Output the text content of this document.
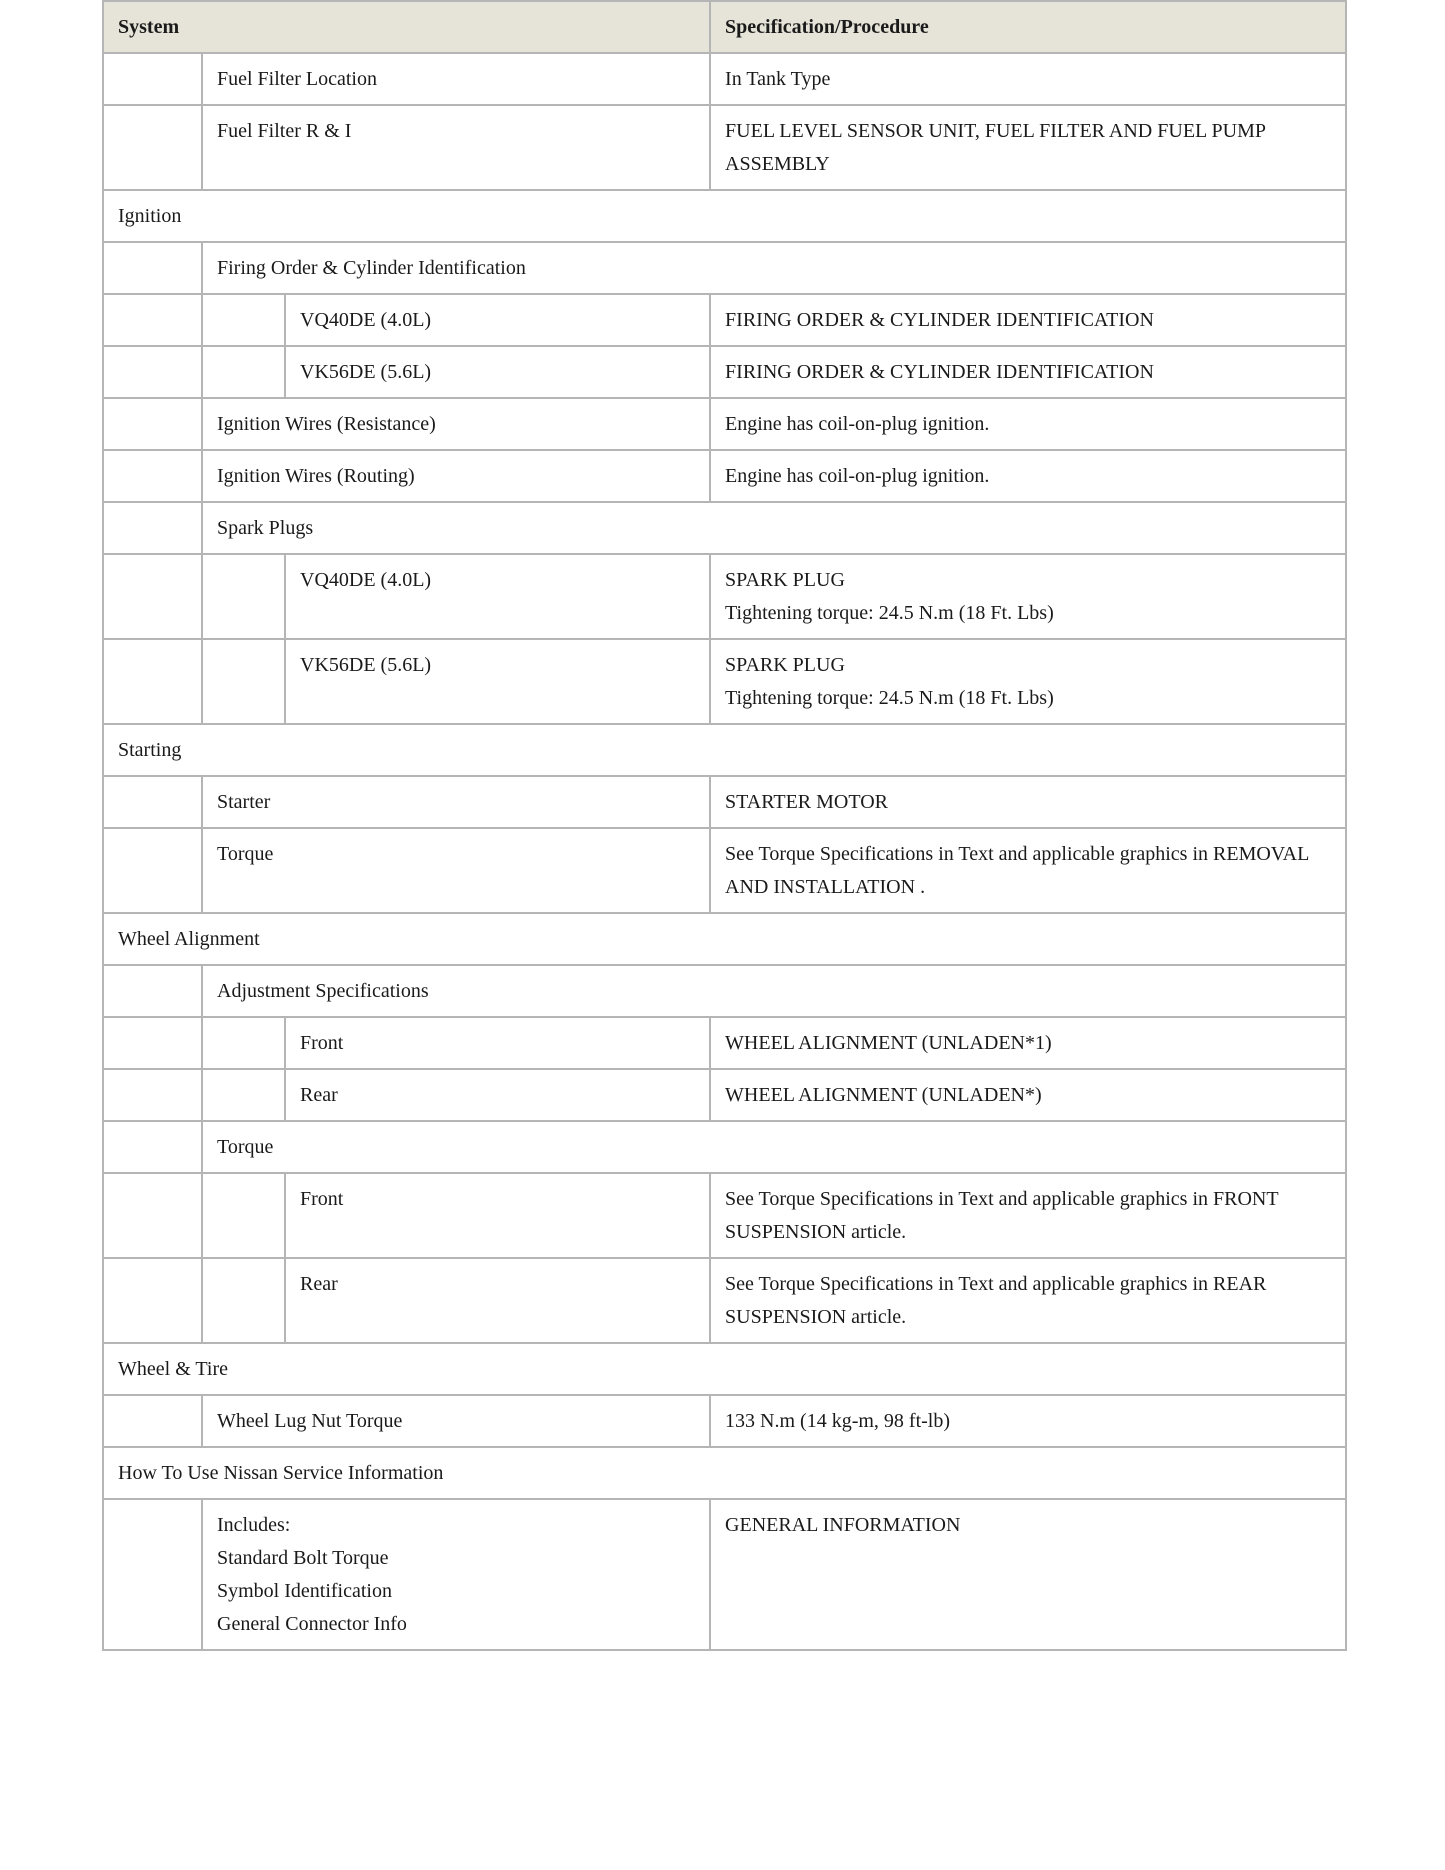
System			Specification/Procedure
	Fuel Filter Location		In Tank Type

	Fuel Filter R & I		FUEL LEVEL SENSOR UNIT, FUEL FILTER AND FUEL PUMP ASSEMBLY

Ignition			
	Firing Order & Cylinder Identification		
		VQ40DE (4.0L)	FIRING ORDER & CYLINDER IDENTIFICATION

		VK56DE (5.6L)	FIRING ORDER & CYLINDER IDENTIFICATION

	Ignition Wires (Resistance)		Engine has coil-on-plug ignition.

	Ignition Wires (Routing)		Engine has coil-on-plug ignition.

	Spark Plugs		
		VQ40DE (4.0L)	SPARK PLUG
Tightening torque: 24.5 N.m (18 Ft. Lbs)

		VK56DE (5.6L)	SPARK PLUG
Tightening torque: 24.5 N.m (18 Ft. Lbs)

Starting			
	Starter		STARTER MOTOR

	Torque		See Torque Specifications in Text and applicable graphics in REMOVAL AND INSTALLATION .

Wheel Alignment			
	Adjustment Specifications		
		Front	WHEEL ALIGNMENT (UNLADEN*1)

		Rear	WHEEL ALIGNMENT (UNLADEN*)

	Torque		
		Front	See Torque Specifications in Text and applicable graphics in FRONT SUSPENSION article.

		Rear	See Torque Specifications in Text and applicable graphics in REAR SUSPENSION article.

Wheel & Tire			
	Wheel Lug Nut Torque		133 N.m (14 kg-m, 98 ft-lb)

How To Use Nissan Service Information			

	Includes:
Standard Bolt Torque
Symbol Identification
General Connector Info		GENERAL INFORMATION
